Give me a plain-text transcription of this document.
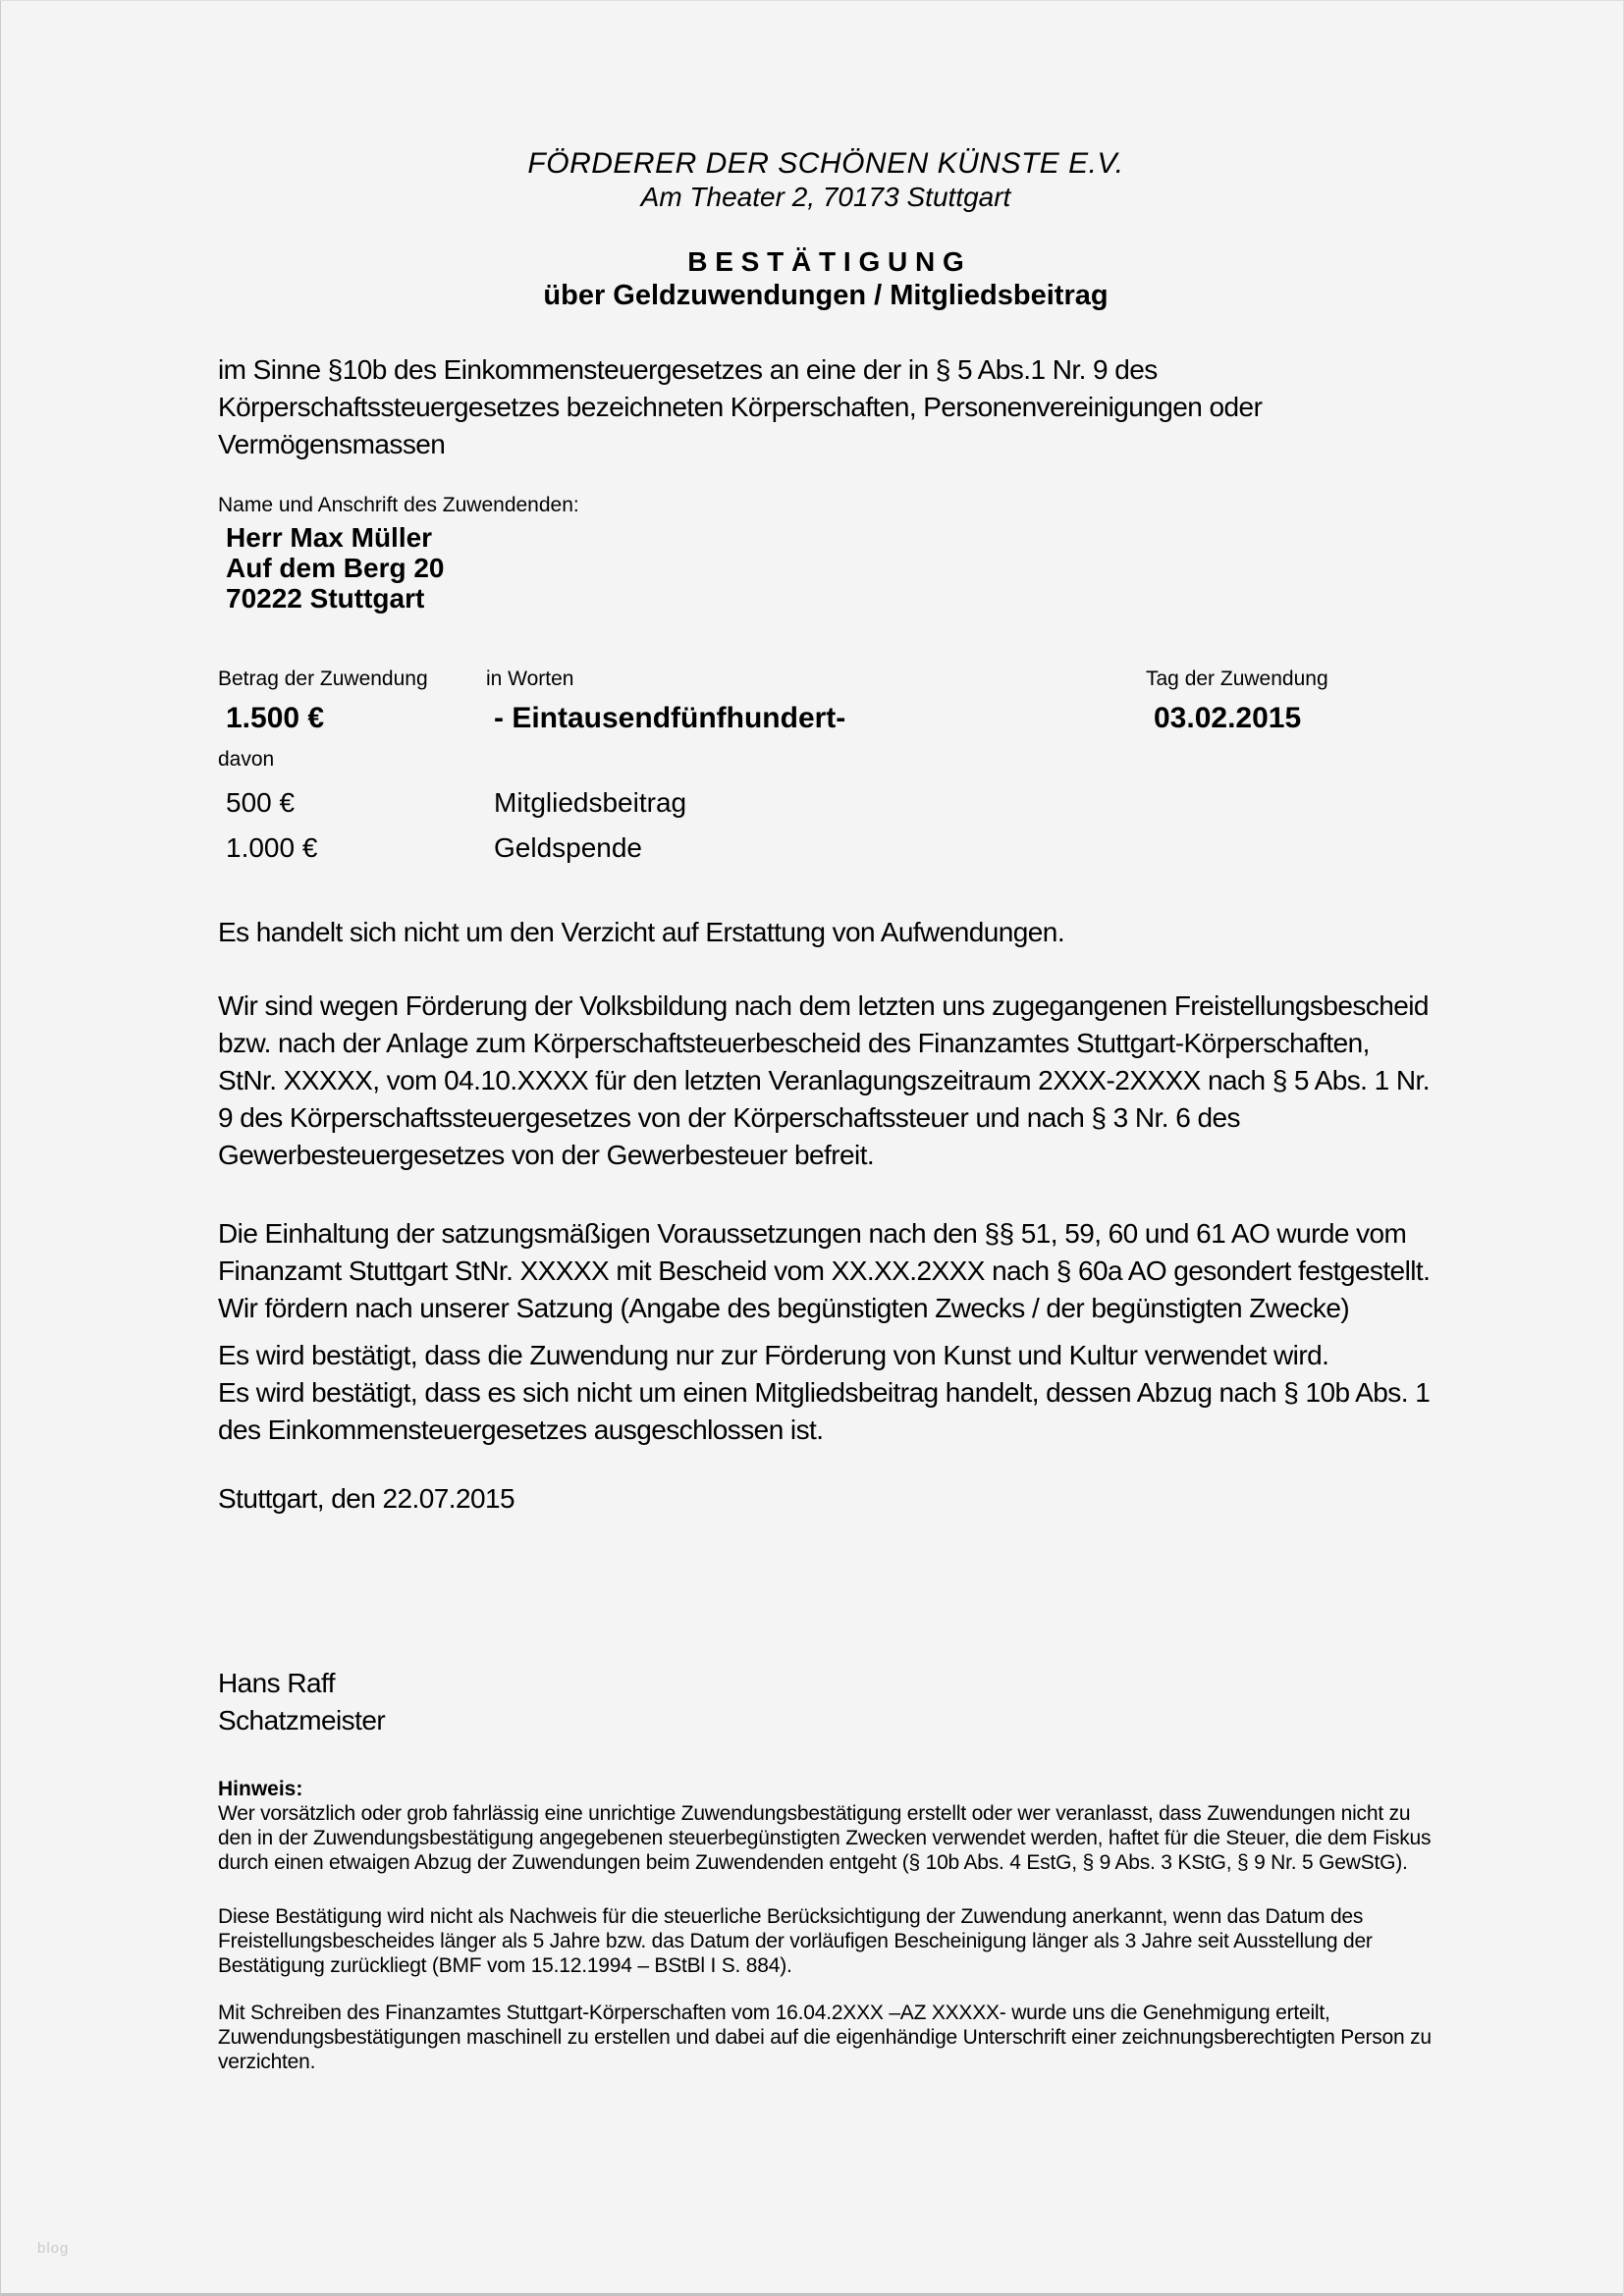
FÖRDERER DER SCHÖNEN KÜNSTE E.V.
Am Theater 2, 70173 Stuttgart
B E S T Ä T I G U N G
über Geldzuwendungen / Mitgliedsbeitrag

im Sinne §10b des Einkommensteuergesetzes an eine der in § 5 Abs.1 Nr. 9 des Körperschaftssteuergesetzes bezeichneten Körperschaften, Personenvereinigungen oder Vermögensmassen

Name und Anschrift des Zuwendenden:
Herr Max Müller
Auf dem Berg 20
70222 Stuttgart
Betrag der Zuwendung	in Worten	Tag der Zuwendung
1.500 €	- Eintausendfünfhundert-	03.02.2015
davon
500 €	Mitgliedsbeitrag
1.000 €	Geldspende

Es handelt sich nicht um den Verzicht auf Erstattung von Aufwendungen.

Wir sind wegen Förderung der Volksbildung nach dem letzten uns zugegangenen Freistellungsbescheid bzw. nach der Anlage zum Körperschaftsteuerbescheid des Finanzamtes Stuttgart-Körperschaften, StNr. XXXXX, vom 04.10.XXXX für den letzten Veranlagungszeitraum 2XXX-2XXXX nach § 5 Abs. 1 Nr. 9 des Körperschaftssteuergesetzes von der Körperschaftssteuer und nach § 3 Nr. 6 des Gewerbesteuergesetzes von der Gewerbesteuer befreit.

Die Einhaltung der satzungsmäßigen Voraussetzungen nach den §§ 51, 59, 60 und 61 AO wurde vom Finanzamt Stuttgart StNr. XXXXX mit Bescheid vom XX.XX.2XXX nach § 60a AO gesondert festgestellt. Wir fördern nach unserer Satzung (Angabe des begünstigten Zwecks / der begünstigten Zwecke)

Es wird bestätigt, dass die Zuwendung nur zur Förderung von Kunst und Kultur verwendet wird.

Es wird bestätigt, dass es sich nicht um einen Mitgliedsbeitrag handelt, dessen Abzug nach § 10b Abs. 1 des Einkommensteuergesetzes ausgeschlossen ist.

Stuttgart, den 22.07.2015

Hans Raff

Schatzmeister

Hinweis:

Wer vorsätzlich oder grob fahrlässig eine unrichtige Zuwendungsbestätigung erstellt oder wer veranlasst, dass Zuwendungen nicht zu den in der Zuwendungsbestätigung angegebenen steuerbegünstigten Zwecken verwendet werden, haftet für die Steuer, die dem Fiskus durch einen etwaigen Abzug der Zuwendungen beim Zuwendenden entgeht (§ 10b Abs. 4 EstG, § 9 Abs. 3 KStG, § 9 Nr. 5 GewStG).

Diese Bestätigung wird nicht als Nachweis für die steuerliche Berücksichtigung der Zuwendung anerkannt, wenn das Datum des Freistellungsbescheides länger als 5 Jahre bzw. das Datum der vorläufigen Bescheinigung länger als 3 Jahre seit Ausstellung der Bestätigung zurückliegt (BMF vom 15.12.1994 – BStBl I S. 884).

Mit Schreiben des Finanzamtes Stuttgart-Körperschaften vom 16.04.2XXX –AZ XXXXX- wurde uns die Genehmigung erteilt, Zuwendungsbestätigungen maschinell zu erstellen und dabei auf die eigenhändige Unterschrift einer zeichnungsberechtigten Person zu verzichten.

blog
